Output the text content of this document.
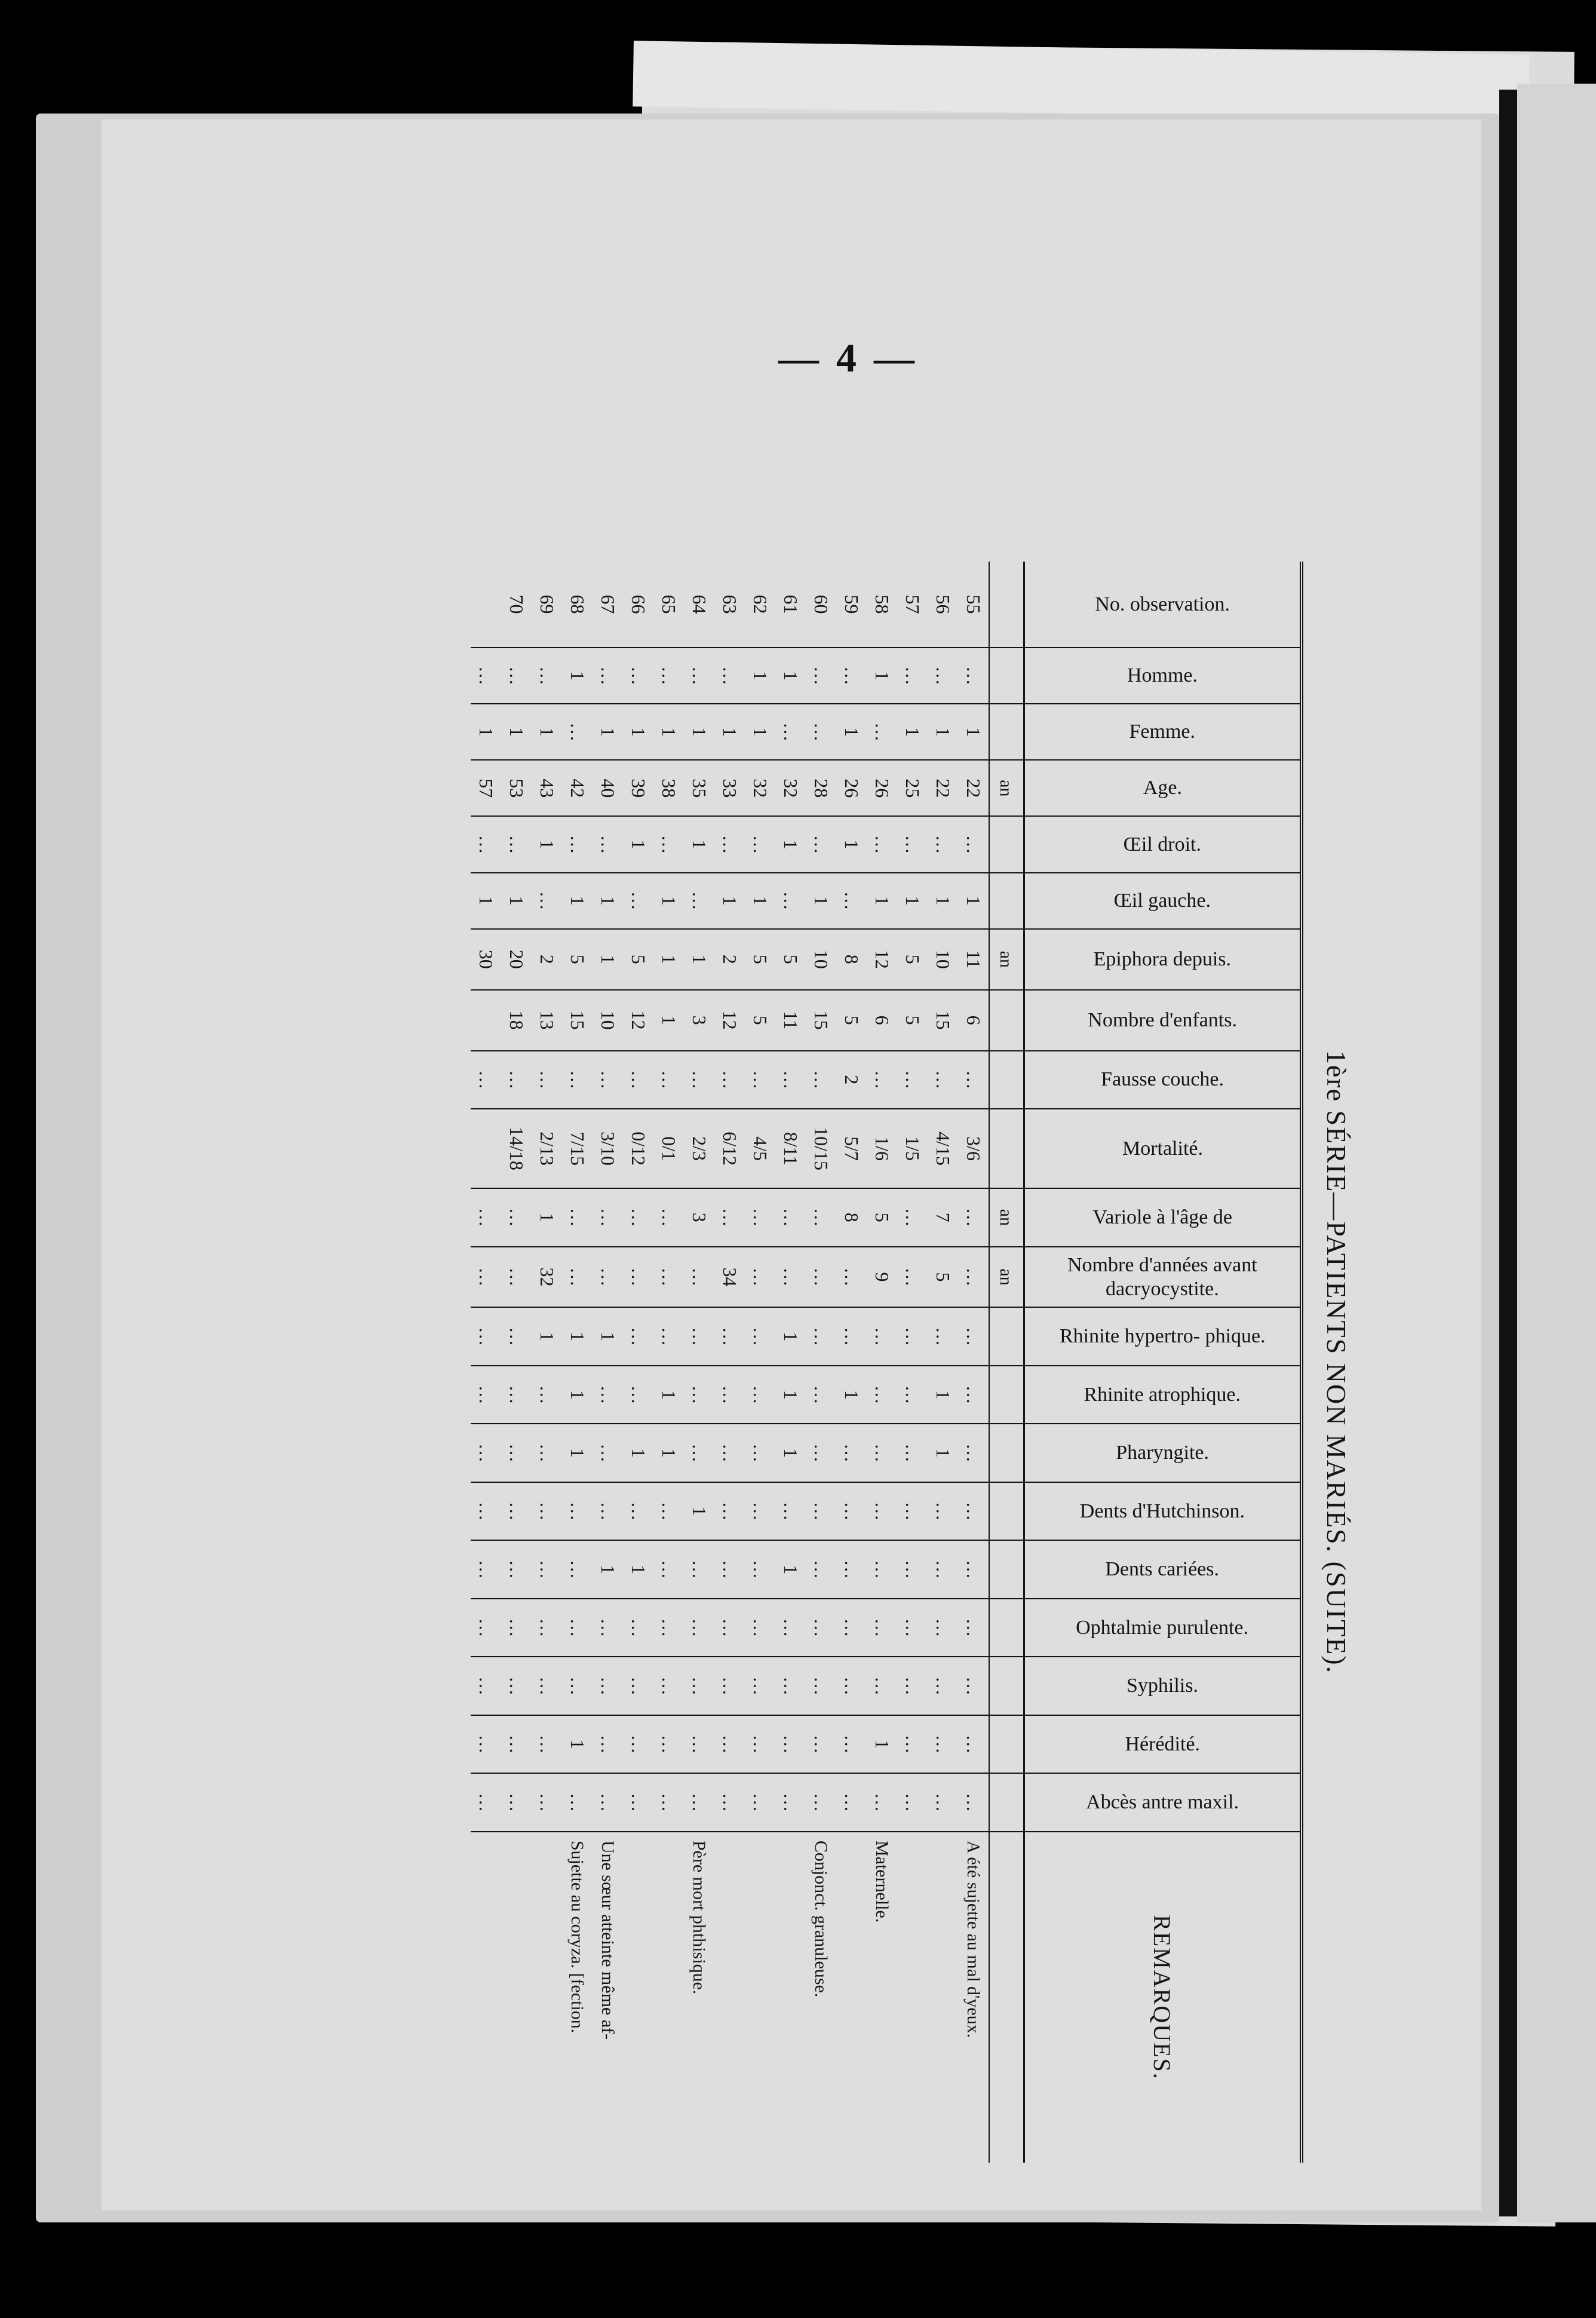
— 4 —
1ère SÉRIE—PATIENTS NON MARIÉS. (SUITE).
No. observation.	Homme.	Femme.	Age.	Œil droit.	Œil gauche.	Epiphora depuis.	Nombre d'enfants.	Fausse couche.	Mortalité.	Variole à l'âge de	Nombre d'années avant dacryocystite.	Rhinite hypertro- phique.	Rhinite atrophique.	Pharyngite.	Dents d'Hutchinson.	Dents cariées.	Ophtalmie purulente.	Syphilis.	Hérédité.	Abcès antre maxil.	REMARQUES.

			an			an				an	an										
55	…	1	22	…	1	11	6	…	3/6	…	…	…	…	…	…	…	…	…	…	…	A été sujette au mal d'yeux.
56	…	1	22	…	1	10	15	…	4/15	7	5	…	1	1	…	…	…	…	…	…	
57	…	1	25	…	1	5	5	…	1/5	…	…	…	…	…	…	…	…	…	…	…	
58	1	…	26	…	1	12	6	…	1/6	5	9	…	…	…	…	…	…	…	1	…	Maternelle.
59	…	1	26	1	…	8	5	2	5/7	8	…	…	1	…	…	…	…	…	…	…	
60	…	…	28	…	1	10	15	…	10/15	…	…	…	…	…	…	…	…	…	…	…	Conjonct. granuleuse.
61	1	…	32	1	…	5	11	…	8/11	…	…	1	1	1	…	1	…	…	…	…	
62	1	1	32	…	1	5	5	…	4/5	…	…	…	…	…	…	…	…	…	…	…	
63	…	1	33	…	1	2	12	…	6/12	…	34	…	…	…	…	…	…	…	…	…	
64	…	1	35	1	…	1	3	…	2/3	3	…	…	…	…	1	…	…	…	…	…	Père mort phthisique.
65	…	1	38	…	1	1	1	…	0/1	…	…	…	1	1	…	…	…	…	…	…	
66	…	1	39	1	…	5	12	…	0/12	…	…	…	…	1	…	1	…	…	…	…	
67	…	1	40	…	1	1	10	…	3/10	…	…	1	…	…	…	1	…	…	…	…	Une sœur atteinte même af-
68	1	…	42	…	1	5	15	…	7/15	…	…	1	1	1	…	…	…	…	1	…	Sujette au coryza. [fection.
69	…	1	43	1	…	2	13	…	2/13	1	32	1	…	…	…	…	…	…	…	…	
70	…	1	53	…	1	20	18	…	14/18	…	…	…	…	…	…	…	…	…	…	…	
	…	1	57	…	1	30		…		…	…	…	…	…	…	…	…	…	…	…	
